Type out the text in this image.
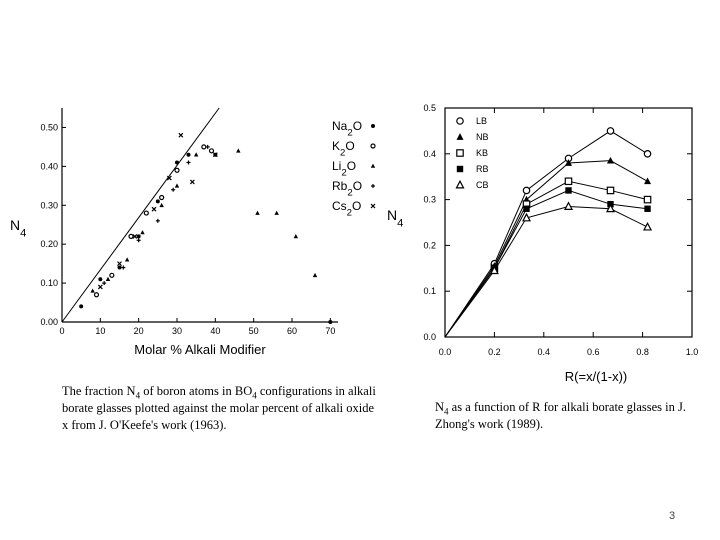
0	10	20	30	40	50	60	70
0.00
0.10
0.20
0.30
0.40
0.50
Molar % Alkali Modifier
$N_4$
$Na_2O$
$K_2O$
$Li_2O$
$Rb_2O$
$Cs_2O$
0.0	0.2	0.4	0.6	0.8	1.0
0.0
0.1
0.2
0.3
0.4
0.5
R(=x/(1-x))
$N_4$
LB
NB
KB
RB
CB

The fraction $N_4$ of boron atoms in $BO_4$ configurations in alkali borate glasses plotted against the molar percent of alkali oxide x from J. O'Keefe's work (1963).

$N_4$ as a function of R for alkali borate glasses in J. Zhong's work (1989).

3
